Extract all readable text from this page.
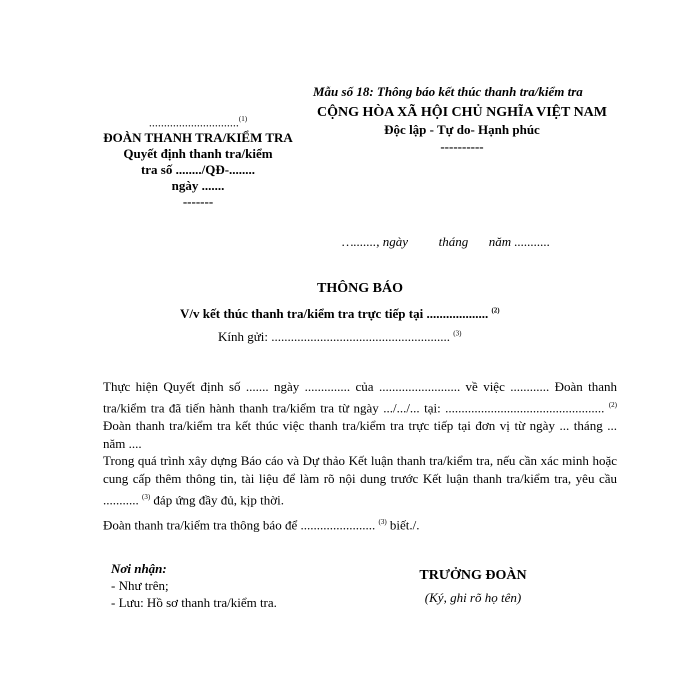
Mẫu số 18: Thông báo kết thúc thanh tra/kiểm tra
..............................$^{(1)}$
ĐOÀN THANH TRA/KIỂM TRA
Quyết định thanh tra/kiểm
tra số ......../QĐ-........
ngày .......
-------
CỘNG HÒA XÃ HỘI CHỦ NGHĨA VIỆT NAM
Độc lập - Tự do- Hạnh phúc
----------
…......., ngày tháng năm ...........
THÔNG BÁO
V/v kết thúc thanh tra/kiểm tra trực tiếp tại ................... $^{(2)}$
Kính gửi: ....................................................... $^{(3)}$
Thực hiện Quyết định số ....... ngày .............. của ......................... về việc ............ Đoàn thanh tra/kiểm tra đã tiến hành thanh tra/kiểm tra từ ngày .../.../... tại: ................................................. $^{(2)}$ Đoàn thanh tra/kiểm tra kết thúc việc thanh tra/kiểm tra trực tiếp tại đơn vị từ ngày ... tháng ... năm ....
Trong quá trình xây dựng Báo cáo và Dự thảo Kết luận thanh tra/kiểm tra, nếu cần xác minh hoặc cung cấp thêm thông tin, tài liệu để làm rõ nội dung trước Kết luận thanh tra/kiểm tra, yêu cầu ........... $^{(3)}$ đáp ứng đầy đủ, kịp thời.
Đoàn thanh tra/kiểm tra thông báo để ....................... $^{(3)}$ biết./.
Nơi nhận:
- Như trên;
- Lưu: Hồ sơ thanh tra/kiểm tra.
TRƯỞNG ĐOÀN
(Ký, ghi rõ họ tên)
